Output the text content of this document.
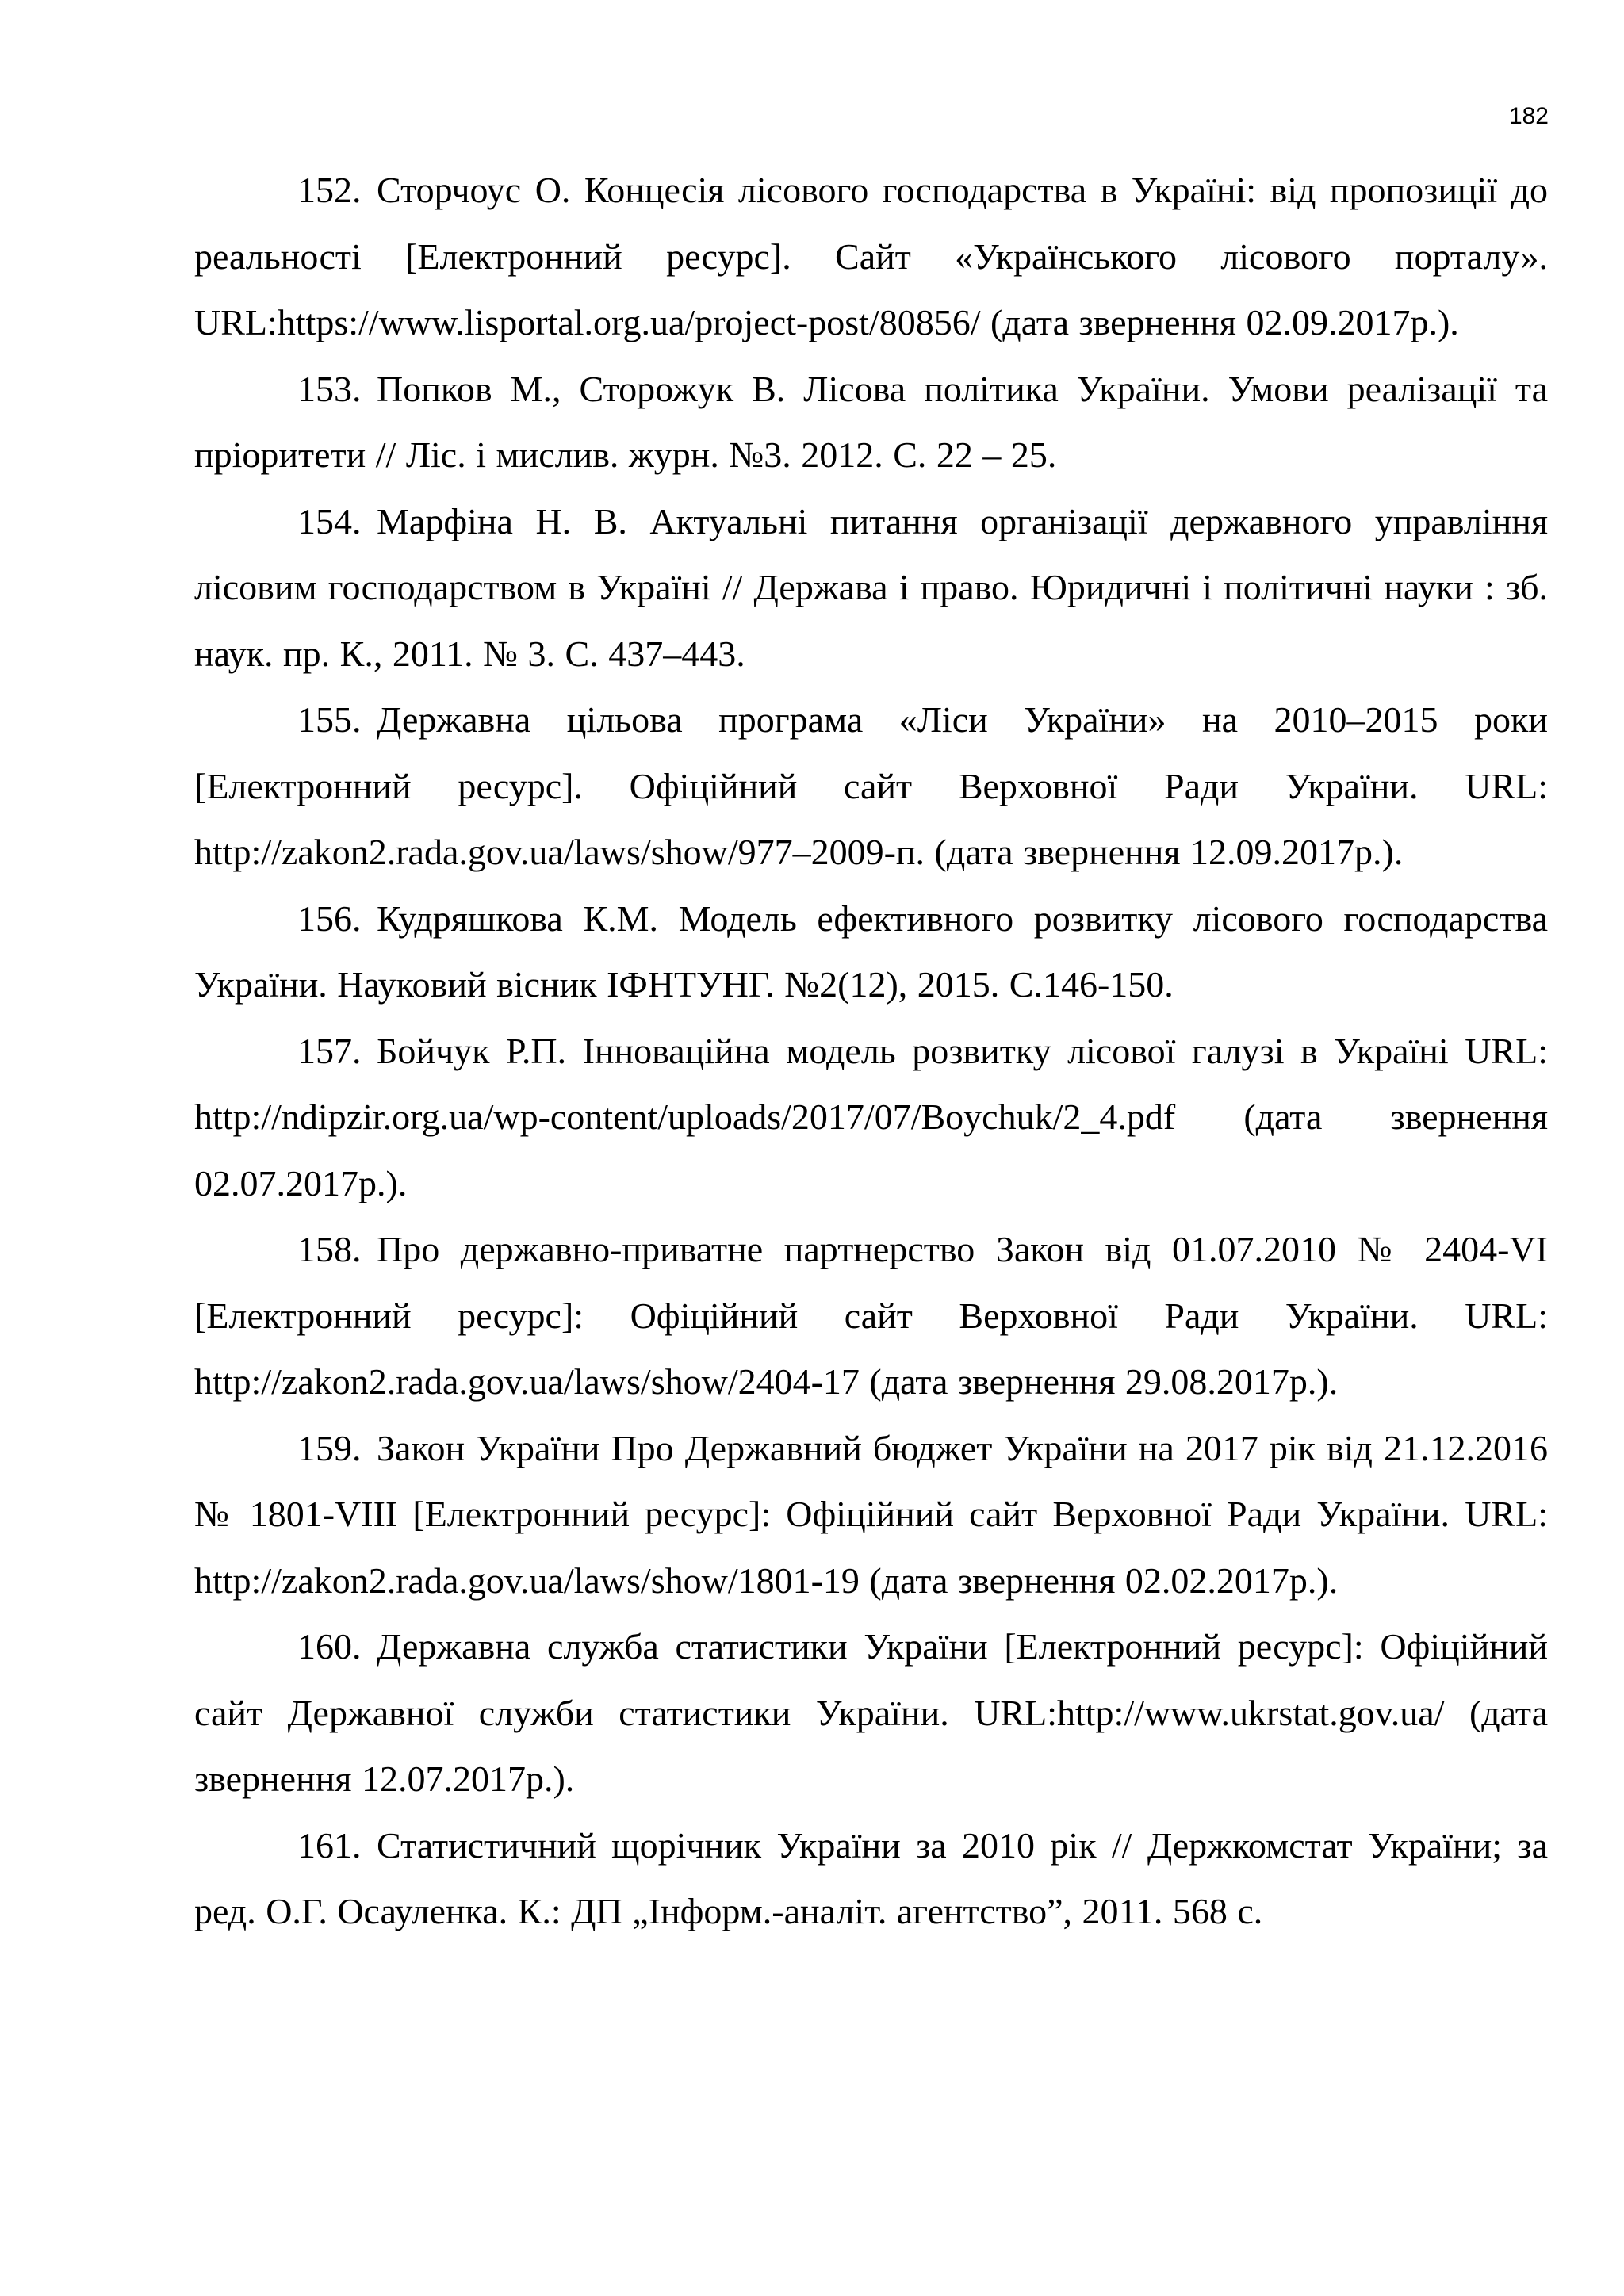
182
152. Сторчоус О. Концесія лісового господарства в Україні: від пропозиції до реальності [Електронний ресурс]. Сайт «Українського лісового порталу». URL:https://www.lisportal.org.ua/project-post/80856/ (дата звернення 02.09.2017р.).
153. Попков М., Сторожук В. Лісова політика України. Умови реалізації та пріоритети // Ліс. і мислив. журн. №3. 2012. С. 22 – 25.
154. Марфіна Н. В. Актуальні питання організації державного управління лісовим господарством в Україні // Держава і право. Юридичні і політичні науки : зб. наук. пр. К., 2011. № 3. С. 437–443.
155. Державна цільова програма «Ліси України» на 2010–2015 роки [Електронний ресурс]. Офіційний сайт Верховної Ради України. URL: http://zakon2.rada.gov.ua/laws/show/977–2009-п. (дата звернення 12.09.2017р.).
156. Кудряшкова К.М. Модель ефективного розвитку лісового господарства України. Науковий вісник ІФНТУНГ. №2(12), 2015. С.146-150.
157. Бойчук Р.П. Інноваційна модель розвитку лісової галузі в Україні URL: http://ndipzir.org.ua/wp-content/uploads/2017/07/Boychuk/2_4.pdf (дата звернення 02.07.2017р.).
158. Про державно-приватне партнерство Закон від 01.07.2010 № 2404-VI [Електронний ресурс]: Офіційний сайт Верховної Ради України. URL: http://zakon2.rada.gov.ua/laws/show/2404-17 (дата звернення 29.08.2017р.).
159. Закон України Про Державний бюджет України на 2017 рік від 21.12.2016 № 1801-VIII [Електронний ресурс]: Офіційний сайт Верховної Ради України. URL: http://zakon2.rada.gov.ua/laws/show/1801-19 (дата звернення 02.02.2017р.).
160. Державна служба статистики України [Електронний ресурс]: Офіційний сайт Державної служби статистики України. URL:http://www.ukrstat.gov.ua/ (дата звернення 12.07.2017р.).
161. Статистичний щорічник України за 2010 рік // Держкомстат України; за ред. О.Г. Осауленка. К.: ДП „Інформ.-аналіт. агентство”, 2011. 568 с.
